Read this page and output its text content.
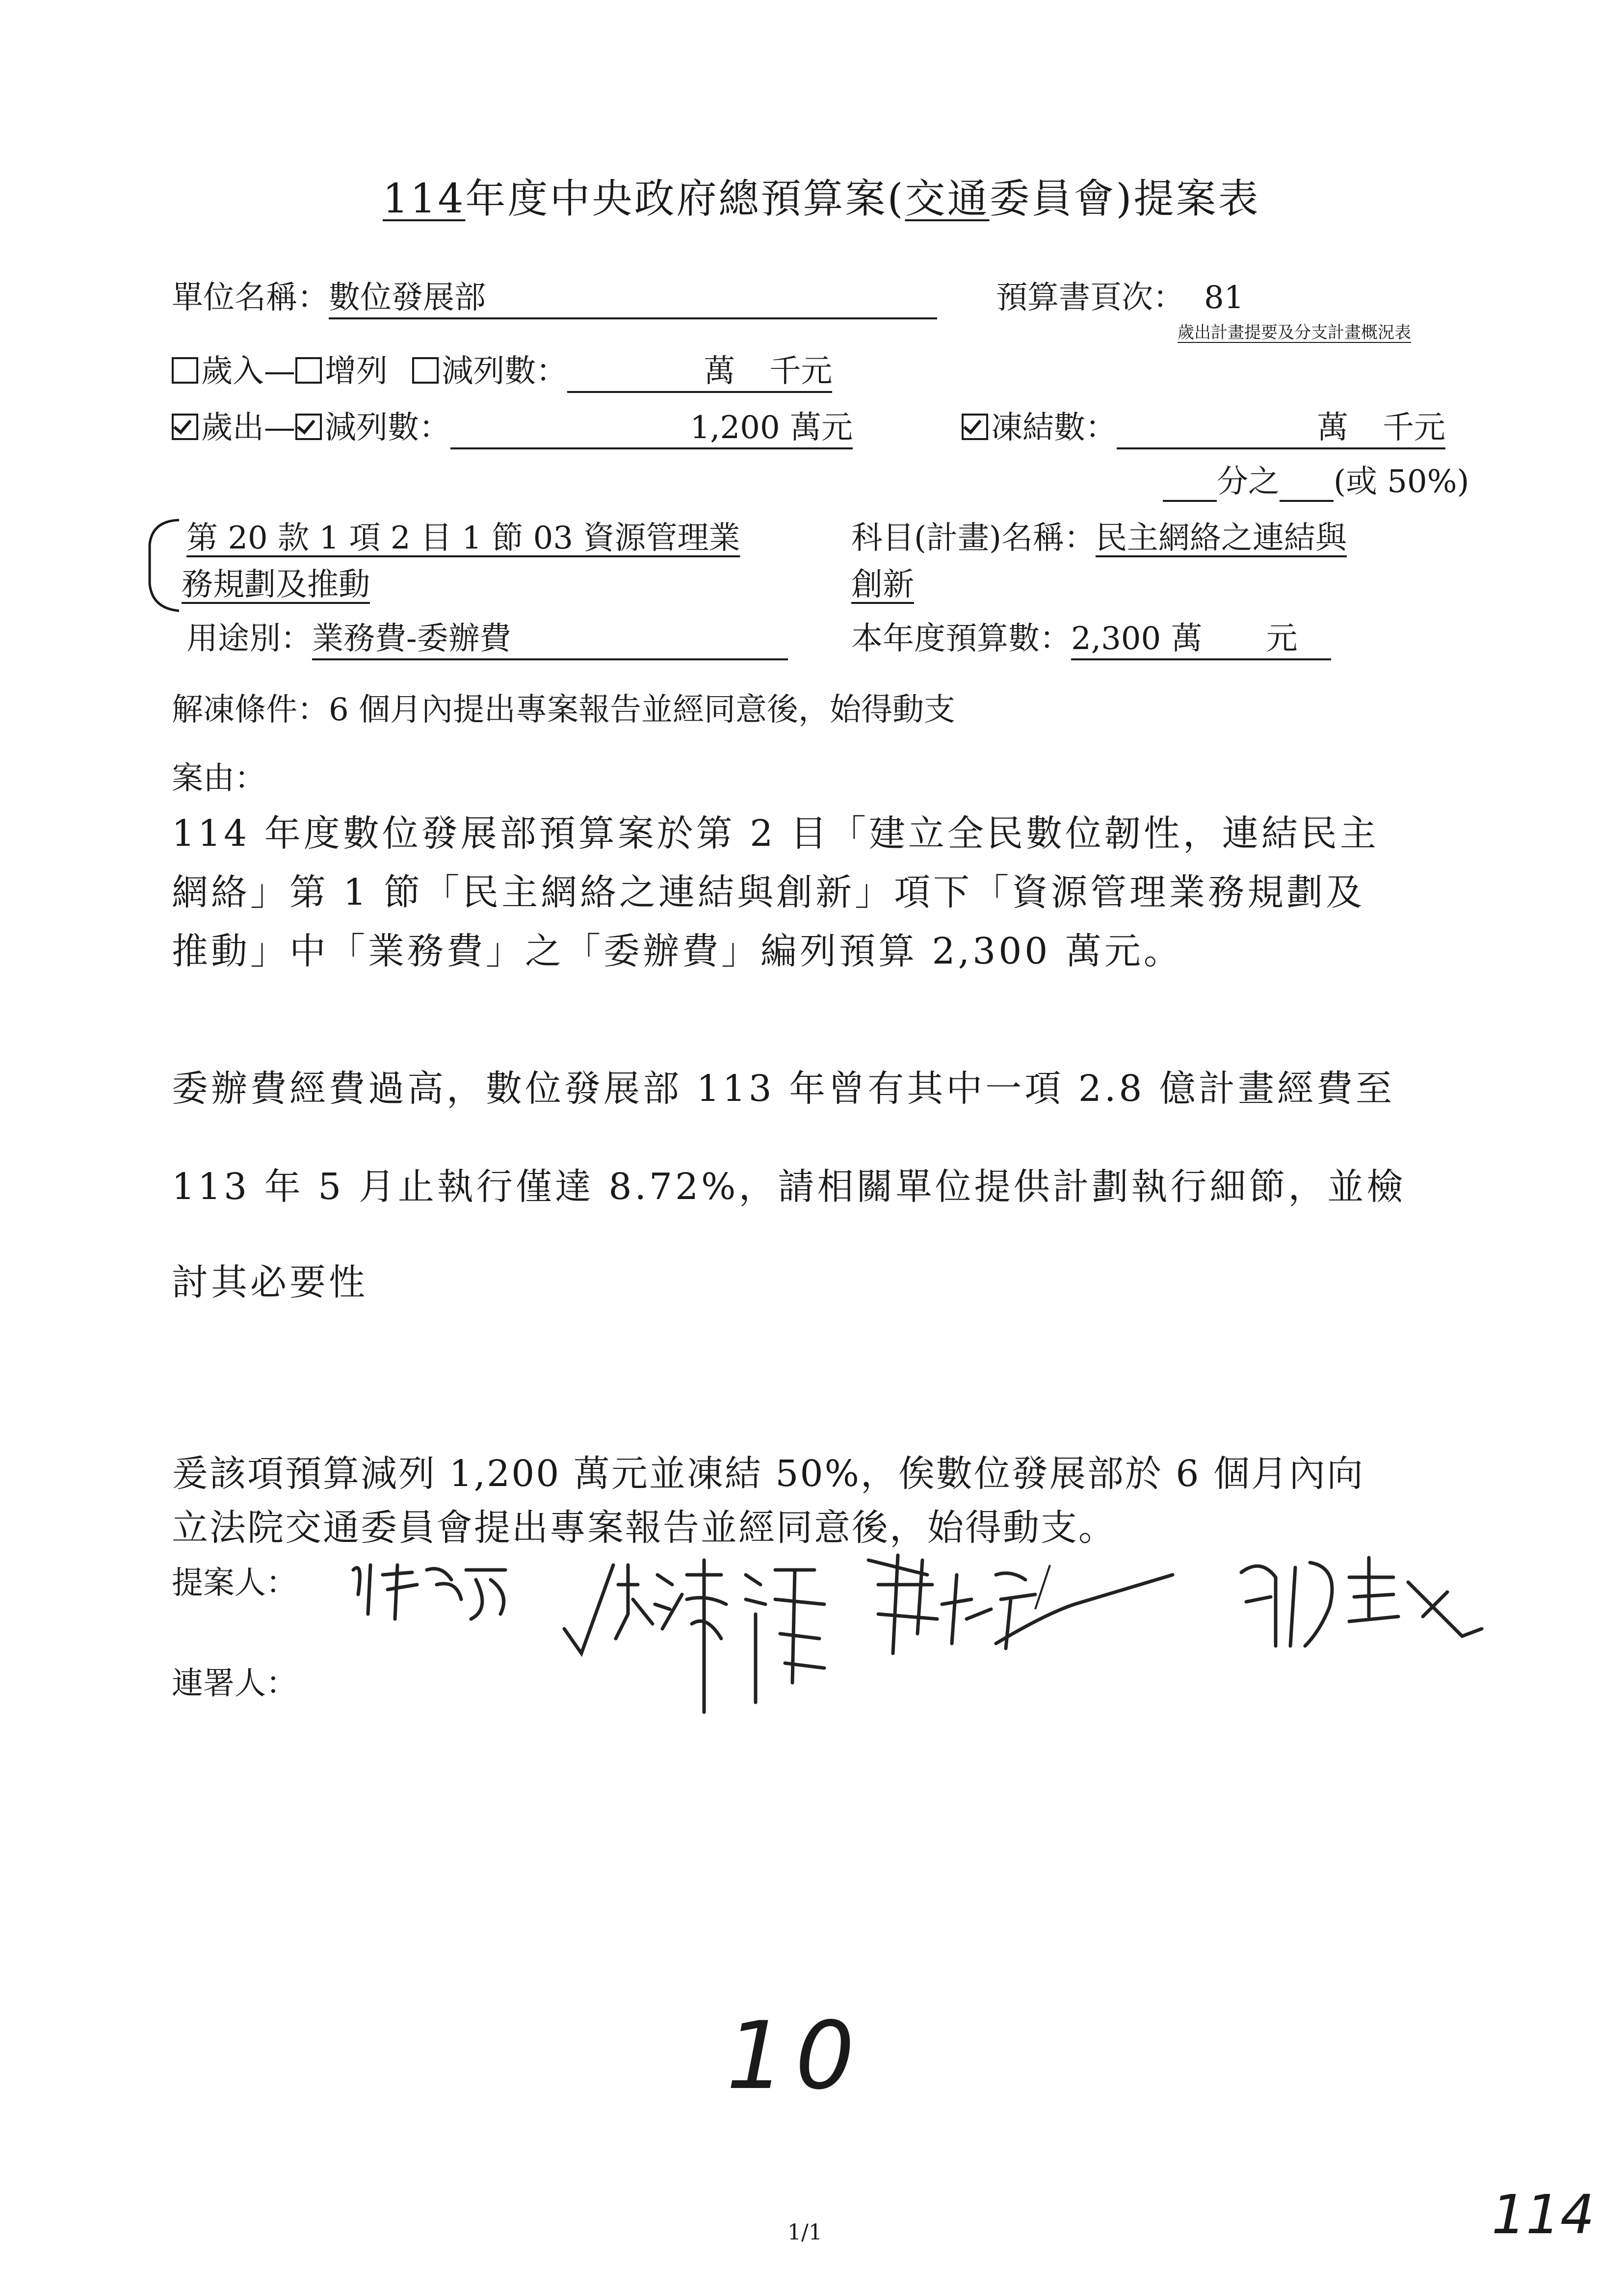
114年度中央政府總預算案(交通委員會)提案表
單位名稱：數位發展部	預算書頁次： 81
歲出計畫提要及分支計畫概況表
歲入— 增列 減列數：	萬 千元
歲出— 減列數：	1,200 萬元	凍結數：	萬 千元
分之 (或 50%)
第 20 款 1 項 2 目 1 節 03 資源管理業
務規劃及推動
科目(計畫)名稱：民主網絡之連結與
創新
用途別：業務費-委辦費	本年度預算數：2,300 萬 元
解凍條件：6 個月內提出專案報告並經同意後，始得動支
案由：
114 年度數位發展部預算案於第 2 目「建立全民數位韌性，連結民主
網絡」第 1 節「民主網絡之連結與創新」項下「資源管理業務規劃及
推動」中「業務費」之「委辦費」編列預算 2,300 萬元。
委辦費經費過高，數位發展部 113 年曾有其中一項 2.8 億計畫經費至
113 年 5 月止執行僅達 8.72%，請相關單位提供計劃執行細節，並檢
討其必要性
爰該項預算減列 1,200 萬元並凍結 50%，俟數位發展部於 6 個月內向
立法院交通委員會提出專案報告並經同意後，始得動支。
提案人：
連署人：
10
1/1	114
